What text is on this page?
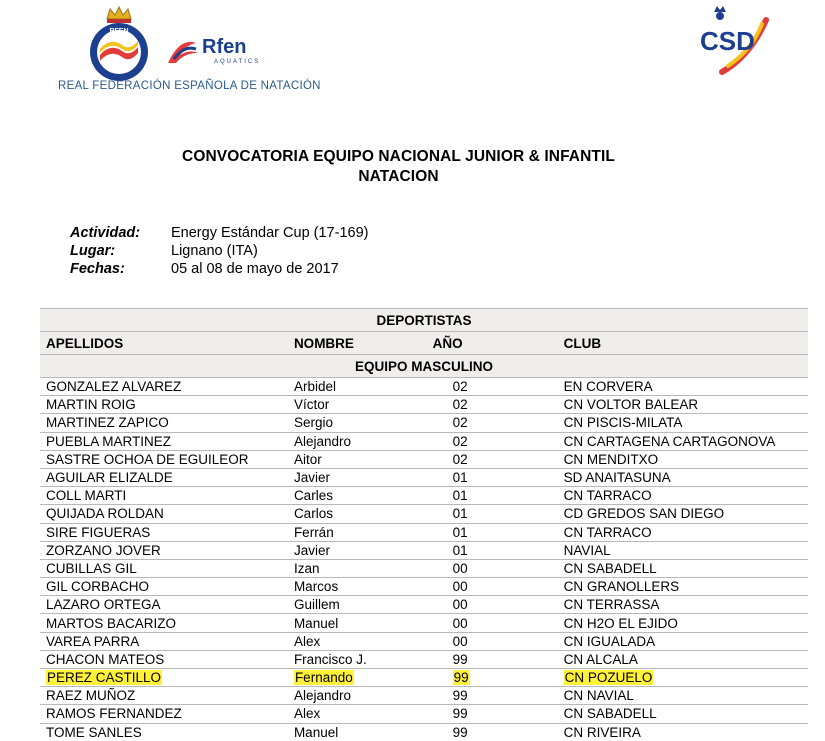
RFEN
Rfen
AQUATICS
CSD
REAL FEDERACIÓN ESPAÑOLA DE NATACIÓN
CONVOCATORIA EQUIPO NACIONAL JUNIOR & INFANTIL
NATACION
Actividad: Energy Estándar Cup (17-169)
Lugar:	Lignano (ITA)
Fechas:	05 al 08 de mayo de 2017
DEPORTISTAS			
APELLIDOS	NOMBRE	AÑO	CLUB
EQUIPO MASCULINO			
GONZALEZ ALVAREZ	Arbidel	02	EN CORVERA
MARTIN ROIG	Víctor	02	CN VOLTOR BALEAR
MARTINEZ ZAPICO	Sergio	02	CN PISCIS-MILATA
PUEBLA MARTINEZ	Alejandro	02	CN CARTAGENA CARTAGONOVA
SASTRE OCHOA DE EGUILEOR	Aitor	02	CN MENDITXO
AGUILAR ELIZALDE	Javier	01	SD ANAITASUNA
COLL MARTI	Carles	01	CN TARRACO
QUIJADA ROLDAN	Carlos	01	CD GREDOS SAN DIEGO
SIRE FIGUERAS	Ferrán	01	CN TARRACO
ZORZANO JOVER	Javier	01	NAVIAL
CUBILLAS GIL	Izan	00	CN SABADELL
GIL CORBACHO	Marcos	00	CN GRANOLLERS
LAZARO ORTEGA	Guillem	00	CN TERRASSA
MARTOS BACARIZO	Manuel	00	CN H2O EL EJIDO
VAREA PARRA	Alex	00	CN IGUALADA
CHACON MATEOS	Francisco J.	99	CN ALCALA
PEREZ CASTILLO	Fernando	99	CN POZUELO
RAEZ MUÑOZ	Alejandro	99	CN NAVIAL
RAMOS FERNANDEZ	Alex	99	CN SABADELL
TOME SANLES	Manuel	99	CN RIVEIRA
